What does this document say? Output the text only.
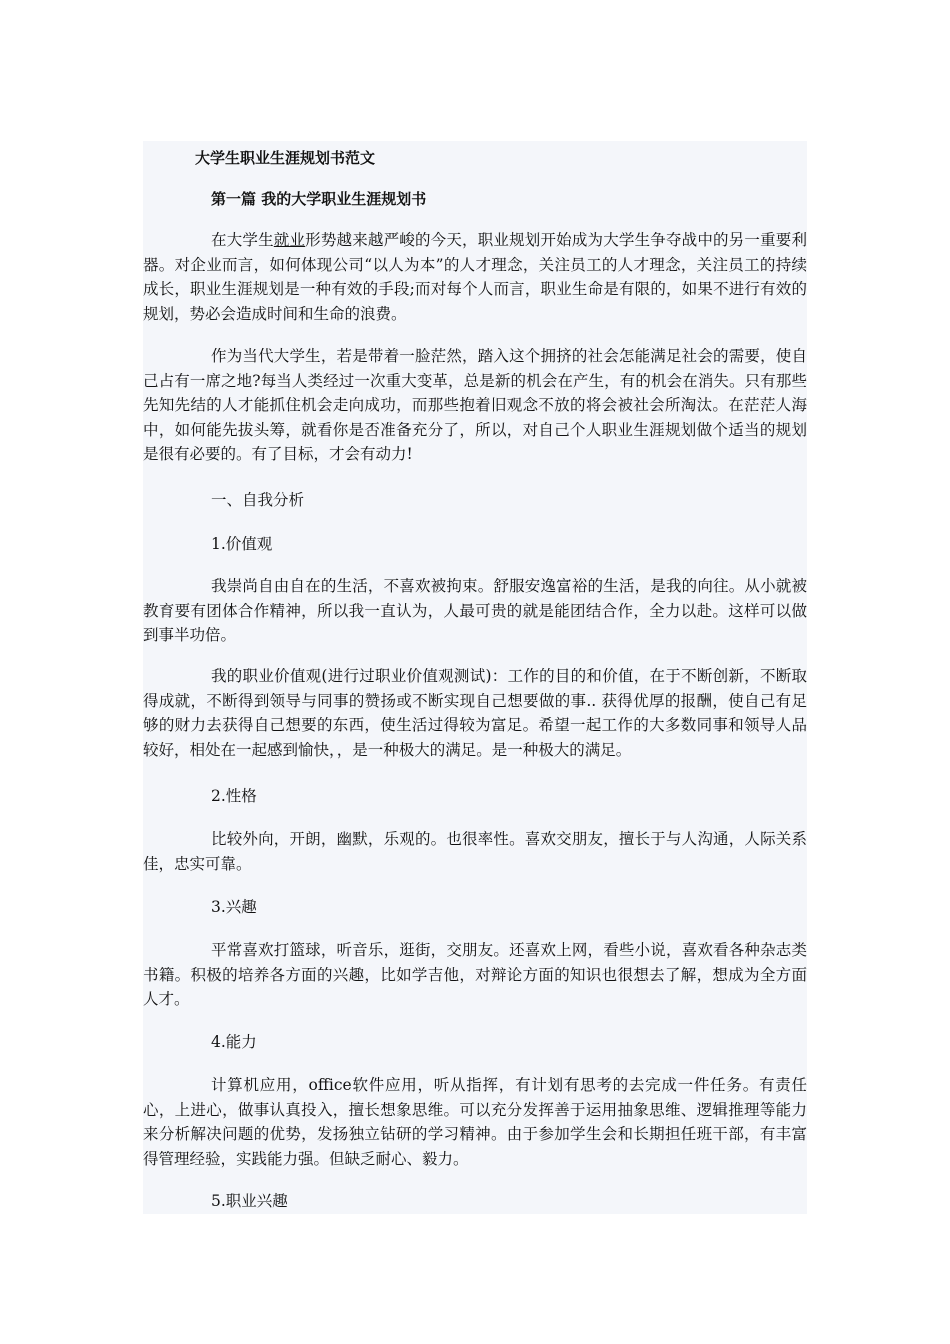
大学生职业生涯规划书范文
第一篇 我的大学职业生涯规划书

在大学生就业形势越来越严峻的今天，职业规划开始成为大学生争夺战中的另一重要利器。对企业而言，如何体现公司“以人为本”的人才理念，关注员工的人才理念，关注员工的持续成长，职业生涯规划是一种有效的手段;而对每个人而言，职业生命是有限的，如果不进行有效的规划，势必会造成时间和生命的浪费。

作为当代大学生，若是带着一脸茫然，踏入这个拥挤的社会怎能满足社会的需要，使自己占有一席之地?每当人类经过一次重大变革，总是新的机会在产生，有的机会在消失。只有那些先知先结的人才能抓住机会走向成功，而那些抱着旧观念不放的将会被社会所淘汰。在茫茫人海中，如何能先拔头筹，就看你是否准备充分了，所以，对自己个人职业生涯规划做个适当的规划是很有必要的。有了目标，才会有动力!

一、自我分析
1.价值观

我崇尚自由自在的生活，不喜欢被拘束。舒服安逸富裕的生活，是我的向往。从小就被教育要有团体合作精神，所以我一直认为，人最可贵的就是能团结合作，全力以赴。这样可以做到事半功倍。

我的职业价值观(进行过职业价值观测试)：工作的目的和价值，在于不断创新，不断取得成就，不断得到领导与同事的赞扬或不断实现自己想要做的事.. 获得优厚的报酬，使自己有足够的财力去获得自己想要的东西，使生活过得较为富足。希望一起工作的大多数同事和领导人品较好，相处在一起感到愉快，，是一种极大的满足。是一种极大的满足。

2.性格

比较外向，开朗，幽默，乐观的。也很率性。喜欢交朋友，擅长于与人沟通，人际关系佳，忠实可靠。

3.兴趣

平常喜欢打篮球，听音乐，逛街，交朋友。还喜欢上网，看些小说，喜欢看各种杂志类书籍。积极的培养各方面的兴趣，比如学吉他，对辩论方面的知识也很想去了解，想成为全方面人才。

4.能力

计算机应用，office软件应用，听从指挥，有计划有思考的去完成一件任务。有责任心，上进心，做事认真投入，擅长想象思维。可以充分发挥善于运用抽象思维、逻辑推理等能力来分析解决问题的优势，发扬独立钻研的学习精神。由于参加学生会和长期担任班干部，有丰富得管理经验，实践能力强。但缺乏耐心、毅力。

5.职业兴趣
